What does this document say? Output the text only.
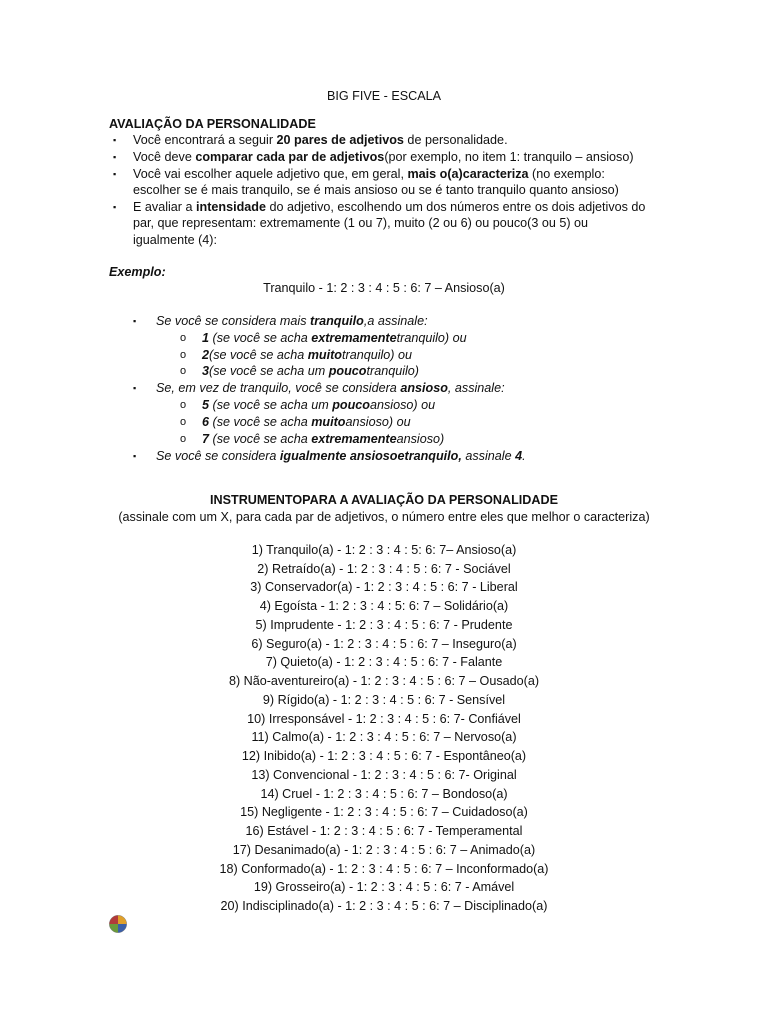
BIG FIVE - ESCALA
AVALIAÇÃO DA PERSONALIDADE
▪ Você encontrará a seguir 20 pares de adjetivos de personalidade.
▪ Você deve comparar cada par de adjetivos(por exemplo, no item 1: tranquilo – ansioso)
▪ Você vai escolher aquele adjetivo que, em geral, mais o(a)caracteriza (no exemplo:
escolher se é mais tranquilo, se é mais ansioso ou se é tanto tranquilo quanto ansioso)
▪ E avaliar a intensidade do adjetivo, escolhendo um dos números entre os dois adjetivos do
par, que representam: extremamente (1 ou 7), muito (2 ou 6) ou pouco(3 ou 5) ou
igualmente (4):
Exemplo:
Tranquilo - 1: 2 : 3 : 4 : 5 : 6: 7 – Ansioso(a)
▪ Se você se considera mais tranquilo,a assinale:
o 1 (se você se acha extremamentetranquilo) ou
o 2(se você se acha muitotranquilo) ou
o 3(se você se acha um poucotranquilo)
▪ Se, em vez de tranquilo, você se considera ansioso, assinale:
o 5 (se você se acha um poucoansioso) ou
o 6 (se você se acha muitoansioso) ou
o 7 (se você se acha extremamenteansioso)
▪ Se você se considera igualmente ansiosoetranquilo, assinale 4.
INSTRUMENTOPARA A AVALIAÇÃO DA PERSONALIDADE
(assinale com um X, para cada par de adjetivos, o número entre eles que melhor o caracteriza)
1) Tranquilo(a) - 1: 2 : 3 : 4 : 5: 6: 7– Ansioso(a)
2) Retraído(a) - 1: 2 : 3 : 4 : 5 : 6: 7 - Sociável
3) Conservador(a) - 1: 2 : 3 : 4 : 5 : 6: 7 - Liberal
4) Egoísta - 1: 2 : 3 : 4 : 5: 6: 7 – Solidário(a)
5) Imprudente - 1: 2 : 3 : 4 : 5 : 6: 7 - Prudente
6) Seguro(a) - 1: 2 : 3 : 4 : 5 : 6: 7 – Inseguro(a)
7) Quieto(a) - 1: 2 : 3 : 4 : 5 : 6: 7 - Falante
8) Não-aventureiro(a) - 1: 2 : 3 : 4 : 5 : 6: 7 – Ousado(a)
9) Rígido(a) - 1: 2 : 3 : 4 : 5 : 6: 7 - Sensível
10) Irresponsável - 1: 2 : 3 : 4 : 5 : 6: 7- Confiável
11) Calmo(a) - 1: 2 : 3 : 4 : 5 : 6: 7 – Nervoso(a)
12) Inibido(a) - 1: 2 : 3 : 4 : 5 : 6: 7 - Espontâneo(a)
13) Convencional - 1: 2 : 3 : 4 : 5 : 6: 7- Original
14) Cruel - 1: 2 : 3 : 4 : 5 : 6: 7 – Bondoso(a)
15) Negligente - 1: 2 : 3 : 4 : 5 : 6: 7 – Cuidadoso(a)
16) Estável - 1: 2 : 3 : 4 : 5 : 6: 7 - Temperamental
17) Desanimado(a) - 1: 2 : 3 : 4 : 5 : 6: 7 – Animado(a)
18) Conformado(a) - 1: 2 : 3 : 4 : 5 : 6: 7 – Inconformado(a)
19) Grosseiro(a) - 1: 2 : 3 : 4 : 5 : 6: 7 - Amável
20) Indisciplinado(a) - 1: 2 : 3 : 4 : 5 : 6: 7 – Disciplinado(a)
